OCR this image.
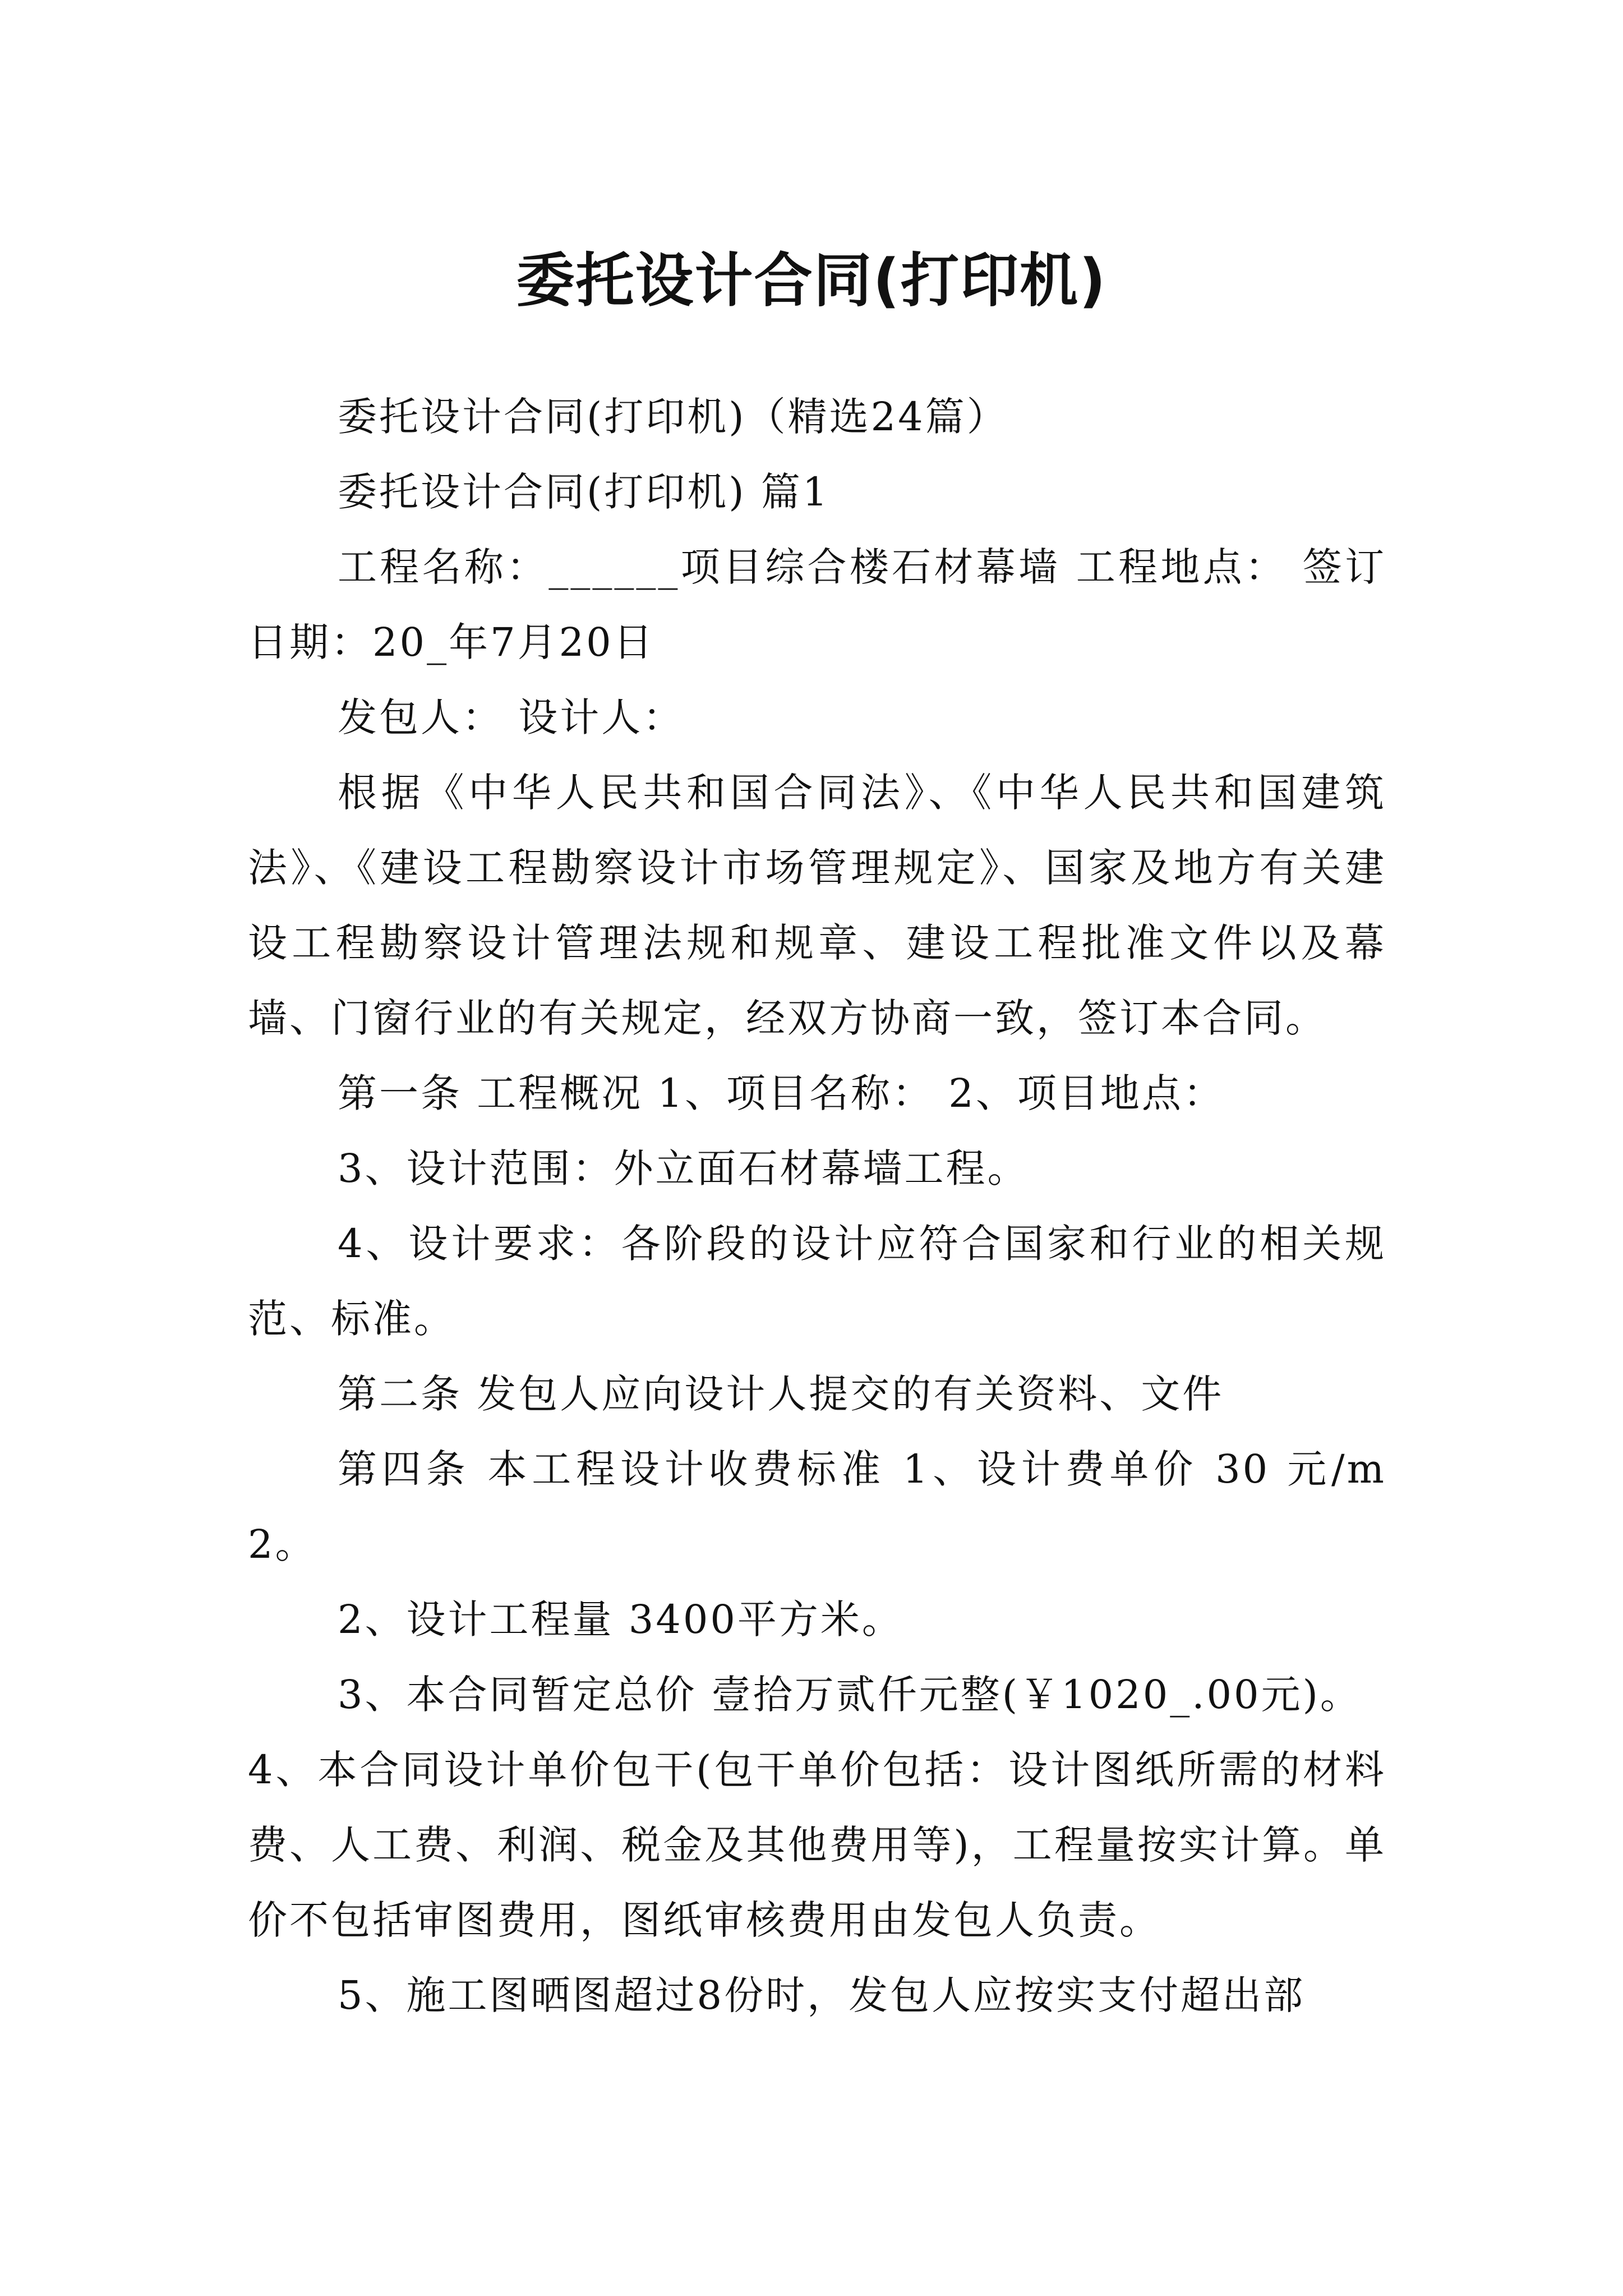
委托设计合同(打印机)

委托设计合同(打印机)（精选24篇）

委托设计合同(打印机) 篇1

工程名称：______项目综合楼石材幕墙 工程地点： 签订日期：20_年7月20日

发包人： 设计人：

根据《中华人民共和国合同法》、《中华人民共和国建筑法》、《建设工程勘察设计市场管理规定》、国家及地方有关建设工程勘察设计管理法规和规章、建设工程批准文件以及幕墙、门窗行业的有关规定，经双方协商一致，签订本合同。

第一条 工程概况 1、项目名称： 2、项目地点：

3、设计范围：外立面石材幕墙工程。

4、设计要求：各阶段的设计应符合国家和行业的相关规范、标准。

第二条 发包人应向设计人提交的有关资料、文件

第四条 本工程设计收费标准 1、设计费单价 30 元/m2。

2、设计工程量 3400平方米。

3、本合同暂定总价 壹拾万贰仟元整(￥1020_.00元)。

4、本合同设计单价包干(包干单价包括：设计图纸所需的材料费、人工费、利润、税金及其他费用等)，工程量按实计算。单价不包括审图费用，图纸审核费用由发包人负责。

5、施工图晒图超过8份时，发包人应按实支付超出部
